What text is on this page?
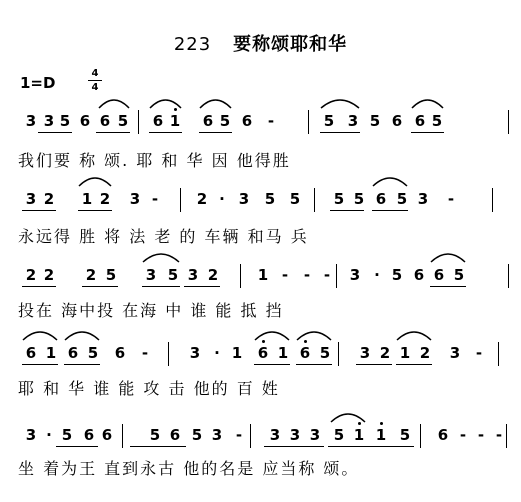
223 要称颂耶和华
1=D
4
4
3 3 5 6 6 5 6 1 6 5 6 -	5 3 5 6 6 5
我们要 称 颂. 耶 和 华 因 他得胜
3 2 1 2 3 -	2 · 3 5 5 5 5 6 5 3 -
永远得 胜 将 法 老 的 车辆 和马 兵
2 2 2 5 3 5 3 2	1 - - - 3 · 5 6 6 5
投在 海中投 在海 中 谁 能 抵 挡
6 1 6 5 6 -	3 · 1 6 1 6 5 3 2 1 2 3 -
耶 和 华 谁 能 攻 击 他的 百 姓
3 · 5 6 6	5 6 5 3 - 3 3 3 5 1 1 5 6 - - -
坐 着为王 直到永古 他的名是 应当称 颂。
